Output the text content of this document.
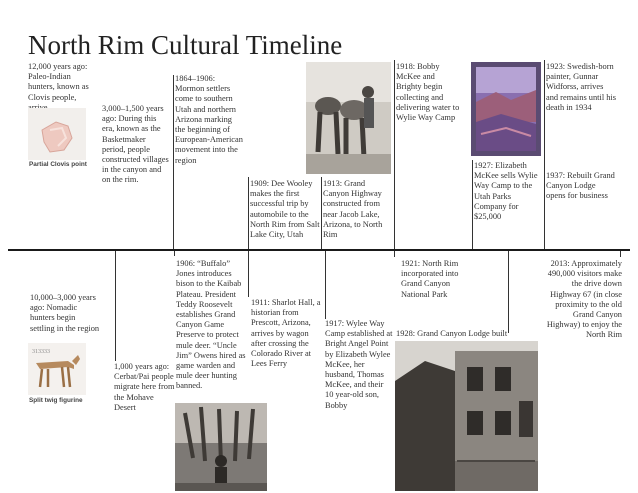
North Rim Cultural Timeline
12,000 years ago: Paleo-Indian hunters, known as Clovis people,
3,000–1,500 years ago: During this era, known as the Basketmaker period, people constructed villages in the canyon and on the rim.
1864–1906: Mormon settlers come to southern Utah and northern Arizona marking the beginning of European-American movement into the region
1909: Dee Wooley makes the first successful trip by automobile to the North Rim from Salt Lake City, Utah
1913: Grand Canyon Highway constructed from near Jacob Lake, Arizona, to North Rim
1918: Bobby McKee and Brighty begin collecting and delivering water to Wylie Way Camp
1927: Elizabeth McKee sells Wylie Way Camp to the Utah Parks Company for $25,000
1923: Swedish-born painter, Gunnar Widforss, arrives and remains until his death in 1934
1937: Rebuilt Grand Canyon Lodge opens for business
10,000–3,000 years ago: Nomadic hunters begin settling in the region
1,000 years ago: Cerbat/Pai people migrate here from the Mohave Desert
1906: “Buffalo” Jones introduces bison to the Kaibab Plateau. President Teddy Roosevelt establishes Grand Canyon Game Preserve to protect mule deer. “Uncle Jim” Owens hired as game warden and mule deer hunting banned.
1911: Sharlot Hall, a historian from Prescott, Arizona, arrives by wagon after crossing the Colorado River at Lees Ferry
1917: Wylee Way Camp established at Bright Angel Point by Elizabeth Wylee McKee, her husband, Thomas McKee, and their 10 year-old son, Bobby
1921: North Rim incorporated into Grand Canyon National Park
1928: Grand Canyon Lodge built
2013: Approximately 490,000 visitors make the drive down Highway 67 (in close proximity to the old Grand Canyon Highway) to enjoy the North Rim
Partial Clovis point
313333
Split twig figurine
